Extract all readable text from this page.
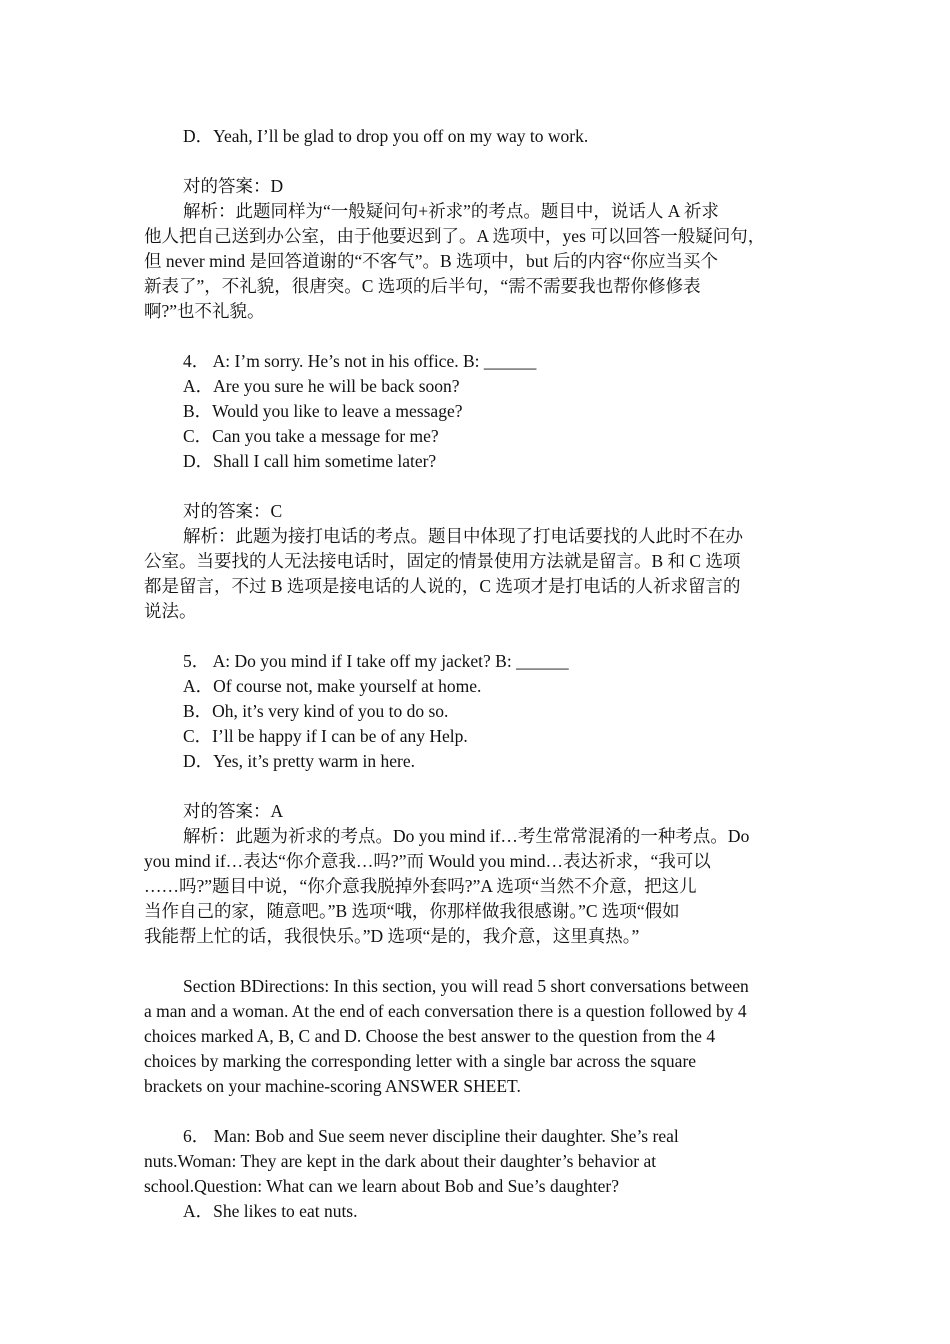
D．Yeah, I’ll be glad to drop you off on my way to work.
对的答案：D
解析：此题同样为“一般疑问句+祈求”的考点。题目中，说话人 A 祈求
他人把自己送到办公室，由于他要迟到了。A 选项中，yes 可以回答一般疑问句，
但 never mind 是回答道谢的“不客气”。B 选项中，but 后的内容“你应当买个
新表了”，不礼貌，很唐突。C 选项的后半句，“需不需要我也帮你修修表
啊?”也不礼貌。
4． A: I’m sorry. He’s not in his office. B: ______
A．Are you sure he will be back soon?
B．Would you like to leave a message?
C．Can you take a message for me?
D．Shall I call him sometime later?
对的答案：C
解析：此题为接打电话的考点。题目中体现了打电话要找的人此时不在办
公室。当要找的人无法接电话时，固定的情景使用方法就是留言。B 和 C 选项
都是留言，不过 B 选项是接电话的人说的，C 选项才是打电话的人祈求留言的
说法。
5． A: Do you mind if I take off my jacket? B: ______
A．Of course not, make yourself at home.
B．Oh, it’s very kind of you to do so.
C．I’ll be happy if I can be of any Help.
D．Yes, it’s pretty warm in here.
对的答案：A
解析：此题为祈求的考点。Do you mind if…考生常常混淆的一种考点。Do
you mind if…表达“你介意我…吗?”而 Would you mind…表达祈求，“我可以
……吗?”题目中说，“你介意我脱掉外套吗?”A 选项“当然不介意，把这儿
当作自己的家，随意吧。”B 选项“哦，你那样做我很感谢。”C 选项“假如
我能帮上忙的话，我很快乐。”D 选项“是的，我介意，这里真热。”
Section BDirections: In this section, you will read 5 short conversations between
a man and a woman. At the end of each conversation there is a question followed by 4
choices marked A, B, C and D. Choose the best answer to the question from the 4
choices by marking the corresponding letter with a single bar across the square
brackets on your machine-scoring ANSWER SHEET.
6． Man: Bob and Sue seem never discipline their daughter. She’s real
nuts.Woman: They are kept in the dark about their daughter’s behavior at
school.Question: What can we learn about Bob and Sue’s daughter?
A．She likes to eat nuts.
